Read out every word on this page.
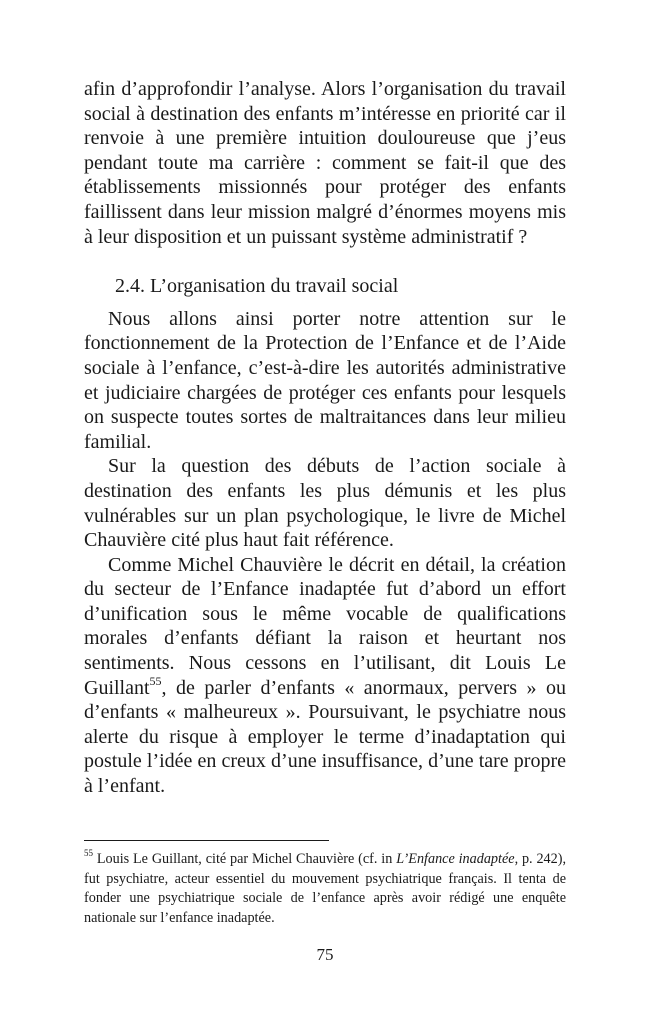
afin d’approfondir l’analyse. Alors l’organisation du travail social à destination des enfants m’intéresse en priorité car il renvoie à une première intuition douloureuse que j’eus pendant toute ma carrière : comment se fait-il que des établissements missionnés pour protéger des enfants faillissent dans leur mission malgré d’énormes moyens mis à leur disposition et un puissant système administratif ?

2.4. L’organisation du travail social

Nous allons ainsi porter notre attention sur le fonctionnement de la Protection de l’Enfance et de l’Aide sociale à l’enfance, c’est-à-dire les autorités administrative et judiciaire chargées de protéger ces enfants pour lesquels on suspecte toutes sortes de maltraitances dans leur milieu familial.

Sur la question des débuts de l’action sociale à destination des enfants les plus démunis et les plus vulnérables sur un plan psychologique, le livre de Michel Chauvière cité plus haut fait référence.

Comme Michel Chauvière le décrit en détail, la création du secteur de l’Enfance inadaptée fut d’abord un effort d’unification sous le même vocable de qualifications morales d’enfants défiant la raison et heurtant nos sentiments. Nous cessons en l’utilisant, dit Louis Le Guillant$^{55}$, de parler d’enfants « anormaux, pervers » ou d’enfants « malheureux ». Poursuivant, le psychiatre nous alerte du risque à employer le terme d’inadaptation qui postule l’idée en creux d’une insuffisance, d’une tare propre à l’enfant.

$^{55}$ Louis Le Guillant, cité par Michel Chauvière (cf. in L’Enfance inadaptée, p. 242), fut psychiatre, acteur essentiel du mouvement psychiatrique français. Il tenta de fonder une psychiatrique sociale de l’enfance après avoir rédigé une enquête nationale sur l’enfance inadaptée.
75
